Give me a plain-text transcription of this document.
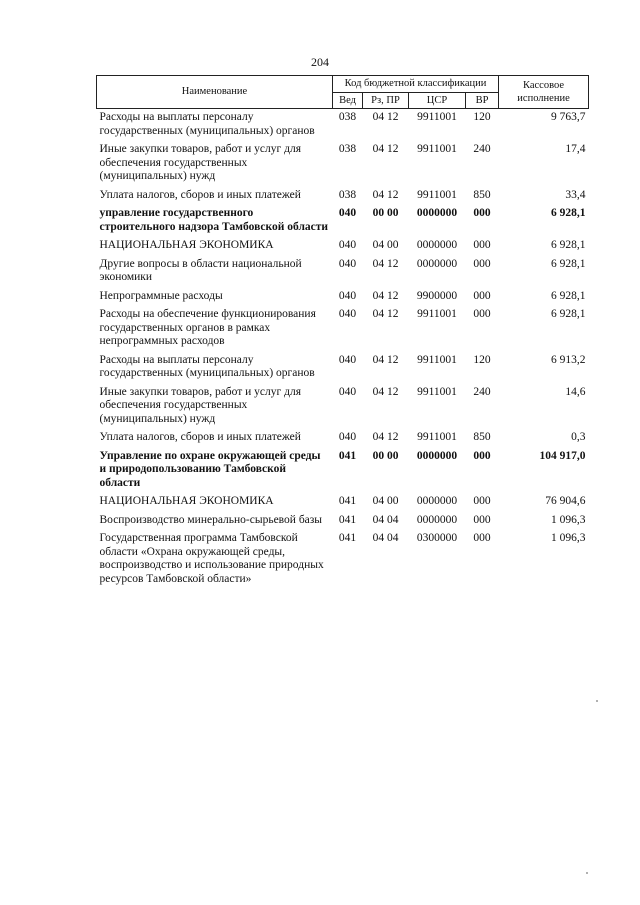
204
Наименование	Код бюджетной классификации				Кассовое исполнение
	Вед	Рз, ПР	ЦСР	ВР	
Расходы на выплаты персоналу государственных (муниципальных) органов	038	04 12	9911001	120	9 763,7
Иные закупки товаров, работ и услуг для обеспечения государственных (муниципальных) нужд	038	04 12	9911001	240	17,4
Уплата налогов, сборов и иных платежей	038	04 12	9911001	850	33,4
управление государственного строительного надзора Тамбовской области	040	00 00	0000000	000	6 928,1
НАЦИОНАЛЬНАЯ ЭКОНОМИКА	040	04 00	0000000	000	6 928,1
Другие вопросы в области национальной экономики	040	04 12	0000000	000	6 928,1
Непрограммные расходы	040	04 12	9900000	000	6 928,1
Расходы на обеспечение функционирования государственных органов в рамках непрограммных расходов	040	04 12	9911001	000	6 928,1
Расходы на выплаты персоналу государственных (муниципальных) органов	040	04 12	9911001	120	6 913,2
Иные закупки товаров, работ и услуг для обеспечения государственных (муниципальных) нужд	040	04 12	9911001	240	14,6
Уплата налогов, сборов и иных платежей	040	04 12	9911001	850	0,3
Управление по охране окружающей среды и природопользованию Тамбовской области	041	00 00	0000000	000	104 917,0
НАЦИОНАЛЬНАЯ ЭКОНОМИКА	041	04 00	0000000	000	76 904,6
Воспроизводство минерально-сырьевой базы	041	04 04	0000000	000	1 096,3
Государственная программа Тамбовской области «Охрана окружающей среды, воспроизводство и использование природных ресурсов Тамбовской области»	041	04 04	0300000	000	1 096,3
